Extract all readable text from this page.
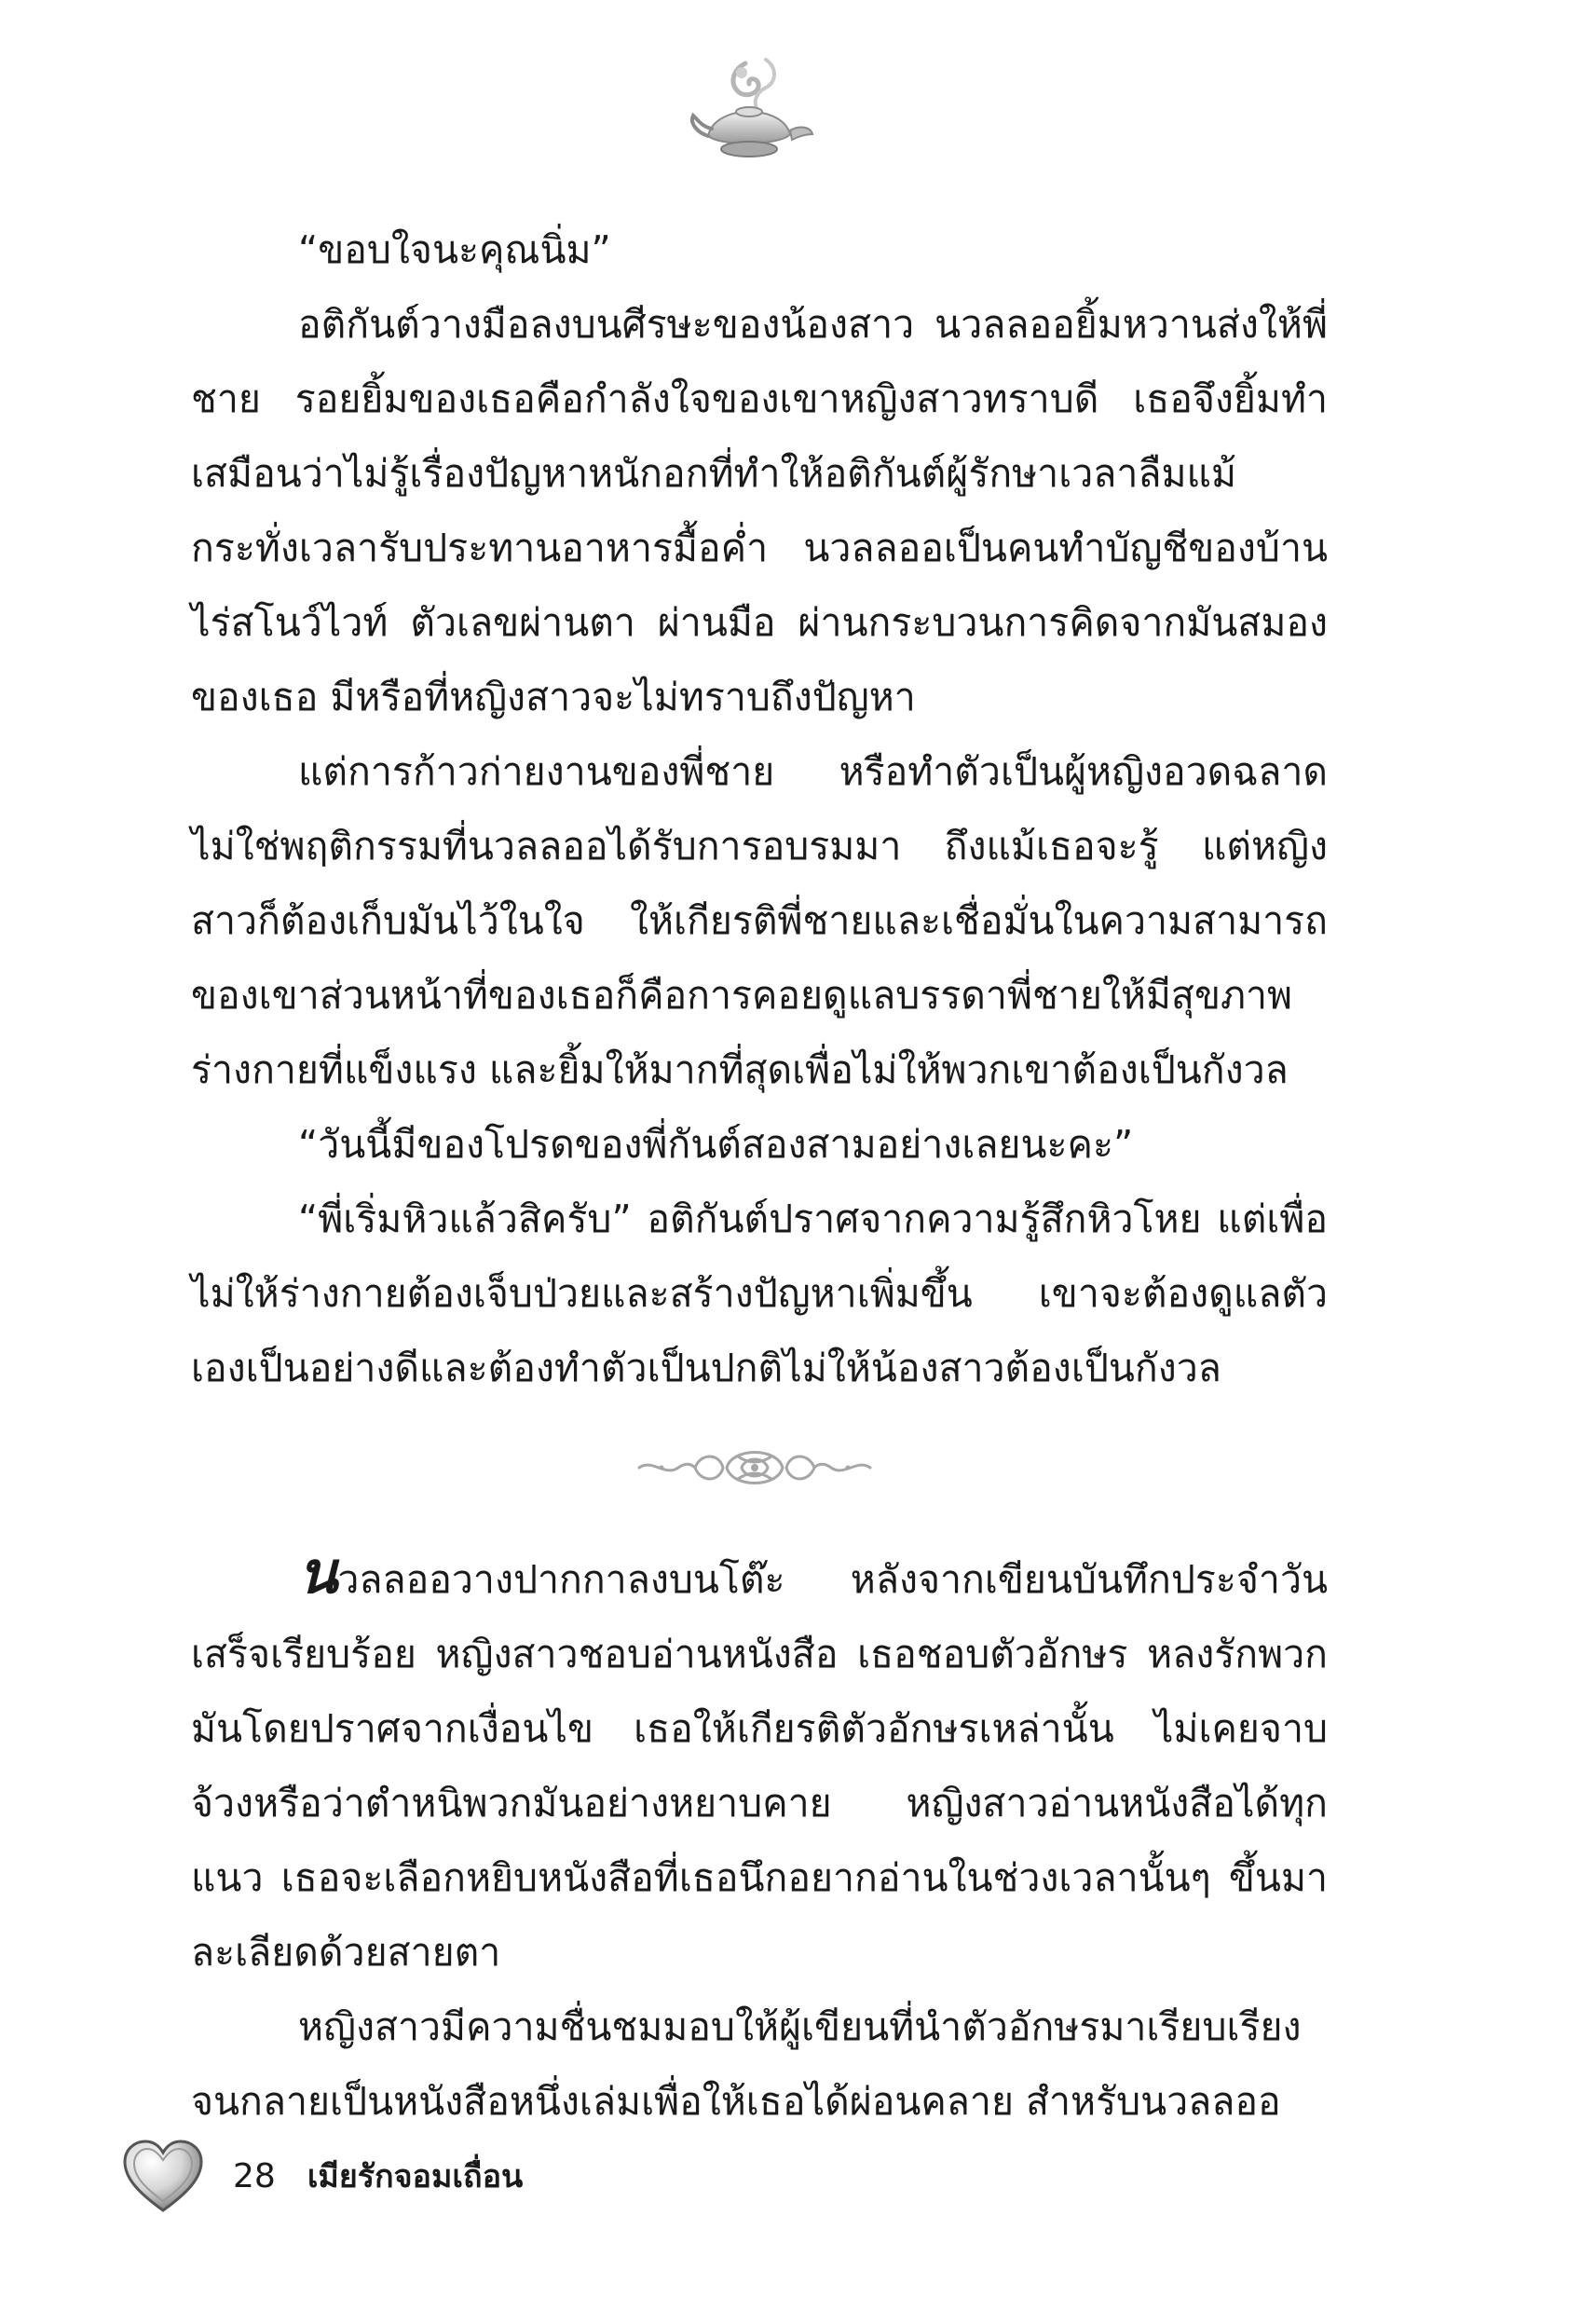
“ขอบใจนะคุณนิ่ม”

อติกันต์วางมือลงบนศีรษะของน้องสาว นวลลออยิ้มหวานส่งให้พี่ชาย รอยยิ้มของเธอคือกำลังใจของเขาหญิงสาวทราบดี เธอจึงยิ้มทำเสมือนว่าไม่รู้เรื่องปัญหาหนักอกที่ทำให้อติกันต์ผู้รักษาเวลาลืมแม้กระทั่งเวลารับประทานอาหารมื้อค่ำ นวลลออเป็นคนทำบัญชีของบ้านไร่สโนว์ไวท์ ตัวเลขผ่านตา ผ่านมือ ผ่านกระบวนการคิดจากมันสมองของเธอ มีหรือที่หญิงสาวจะไม่ทราบถึงปัญหา

แต่การก้าวก่ายงานของพี่ชาย หรือทำตัวเป็นผู้หญิงอวดฉลาดไม่ใช่พฤติกรรมที่นวลลออได้รับการอบรมมา ถึงแม้เธอจะรู้ แต่หญิงสาวก็ต้องเก็บมันไว้ในใจ ให้เกียรติพี่ชายและเชื่อมั่นในความสามารถของเขาส่วนหน้าที่ของเธอก็คือการคอยดูแลบรรดาพี่ชายให้มีสุขภาพร่างกายที่แข็งแรง และยิ้มให้มากที่สุดเพื่อไม่ให้พวกเขาต้องเป็นกังวล

“วันนี้มีของโปรดของพี่กันต์สองสามอย่างเลยนะคะ”

“พี่เริ่มหิวแล้วสิครับ” อติกันต์ปราศจากความรู้สึกหิวโหย แต่เพื่อไม่ให้ร่างกายต้องเจ็บป่วยและสร้างปัญหาเพิ่มขึ้น เขาจะต้องดูแลตัวเองเป็นอย่างดีและต้องทำตัวเป็นปกติไม่ให้น้องสาวต้องเป็นกังวล

นวลลออวางปากกาลงบนโต๊ะ หลังจากเขียนบันทึกประจำวันเสร็จเรียบร้อย หญิงสาวชอบอ่านหนังสือ เธอชอบตัวอักษร หลงรักพวกมันโดยปราศจากเงื่อนไข เธอให้เกียรติตัวอักษรเหล่านั้น ไม่เคยจาบจ้วงหรือว่าตำหนิพวกมันอย่างหยาบคาย หญิงสาวอ่านหนังสือได้ทุกแนว เธอจะเลือกหยิบหนังสือที่เธอนึกอยากอ่านในช่วงเวลานั้นๆ ขึ้นมาละเลียดด้วยสายตา

หญิงสาวมีความชื่นชมมอบให้ผู้เขียนที่นำตัวอักษรมาเรียบเรียงจนกลายเป็นหนังสือหนึ่งเล่มเพื่อให้เธอได้ผ่อนคลาย สำหรับนวลลออ

28 เมียรักจอมเถื่อน
